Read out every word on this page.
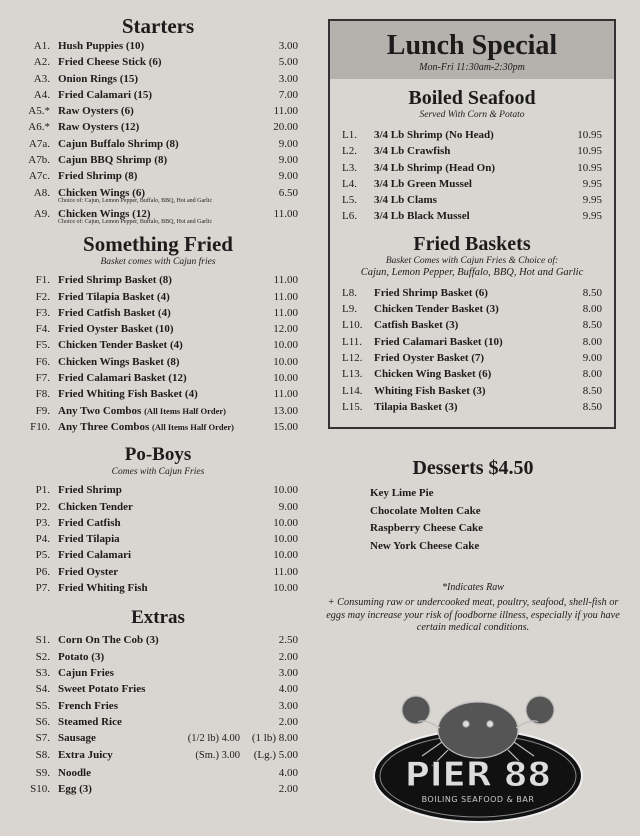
Starters
A1. Hush Puppies (10)	3.00
A2. Fried Cheese Stick (6)	5.00
A3. Onion Rings (15)	3.00
A4. Fried Calamari (15)	7.00
A5.* Raw Oysters (6)	11.00
A6.* Raw Oysters (12)	20.00
A7a. Cajun Buffalo Shrimp (8)	9.00
A7b. Cajun BBQ Shrimp (8)	9.00
A7c. Fried Shrimp (8)	9.00
A8. Chicken Wings (6)	6.50
Choice of: Cajun, Lemon Pepper, Buffalo, BBQ, Hot and Garlic
A9. Chicken Wings (12)	11.00
Choice of: Cajun, Lemon Pepper, Buffalo, BBQ, Hot and Garlic
Something Fried
Basket comes with Cajun fries
F1. Fried Shrimp Basket (8)	11.00
F2. Fried Tilapia Basket (4)	11.00
F3. Fried Catfish Basket (4)	11.00
F4. Fried Oyster Basket (10)	12.00
F5. Chicken Tender Basket (4)	10.00
F6. Chicken Wings Basket (8)	10.00
F7. Fried Calamari Basket (12)	10.00
F8. Fried Whiting Fish Basket (4)	11.00
F9. Any Two Combos (All Items Half Order)	13.00
F10. Any Three Combos (All Items Half Order)	15.00
Po-Boys
Comes with Cajun Fries
P1. Fried Shrimp	10.00
P2. Chicken Tender	9.00
P3. Fried Catfish	10.00
P4. Fried Tilapia	10.00
P5. Fried Calamari	10.00
P6. Fried Oyster	11.00
P7. Fried Whiting Fish	10.00
Extras
S1. Corn On The Cob (3)	2.50
S2. Potato (3)	2.00
S3. Cajun Fries	3.00
S4. Sweet Potato Fries	4.00
S5. French Fries	3.00
S6. Steamed Rice	2.00
S7. Sausage	(1/2 lb) 4.00	(1 lb) 8.00
S8. Extra Juicy	(Sm.) 3.00	(Lg.) 5.00
S9. Noodle	4.00
S10. Egg (3)	2.00
Lunch Special
Mon-Fri 11:30am-2:30pm
Boiled Seafood
Served With Corn & Potato
L1.	3/4 Lb Shrimp (No Head)	10.95
L2.	3/4 Lb Crawfish	10.95
L3.	3/4 Lb Shrimp (Head On)	10.95
L4.	3/4 Lb Green Mussel	9.95
L5.	3/4 Lb Clams	9.95
L6.	3/4 Lb Black Mussel	9.95
Fried Baskets
Basket Comes with Cajun Fries & Choice of:
Cajun, Lemon Pepper, Buffalo, BBQ, Hot and Garlic
L8.	Fried Shrimp Basket (6)	8.50
L9.	Chicken Tender Basket (3)	8.00
L10.	Catfish Basket (3)	8.50
L11.	Fried Calamari Basket (10)	8.00
L12.	Fried Oyster Basket (7)	9.00
L13.	Chicken Wing Basket (6)	8.00
L14.	Whiting Fish Basket (3)	8.50
L15.	Tilapia Basket (3)	8.50
Desserts $4.50
Key Lime Pie
Chocolate Molten Cake
Raspberry Cheese Cake
New York Cheese Cake
*Indicates Raw
+ Consuming raw or undercooked meat, poultry, seafood, shell-fish or eggs may increase your risk of foodborne illness, especially if you have certain medical conditions.
PIER 88
BOILING SEAFOOD & BAR
